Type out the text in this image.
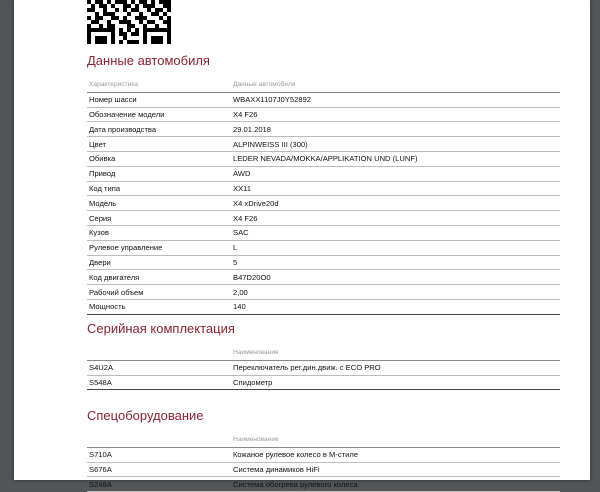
Данные автомобиля
Характеристика	Данные автомобиля
Номер шасси	WBAXX1107J0Y52892
Обозначение модели	X4 F26
Дата производства	29.01.2018
Цвет	ALPINWEISS III (300)
Обивка	LEDER NEVADA/MOKKA/APPLIKATION UND (LUNF)
Привод	AWD
Код типа	XX11
Модель	X4 xDrive20d
Серия	X4 F26
Кузов	SAC
Рулевое управление	L
Двери	5
Код двигателя	B47D20O0
Рабочий объем	2,00
Мощность	140
Серийная комплектация
	Наименование
S4U2A	Переключатель рег.дин.движ. с ECO PRO
S548A	Спидометр
Спецоборудование
	Наименование
S710A	Кожаное рулевое колесо в М-стиле
S676A	Система динамиков HiFi
S248A	Система обогрева рулевого колеса
